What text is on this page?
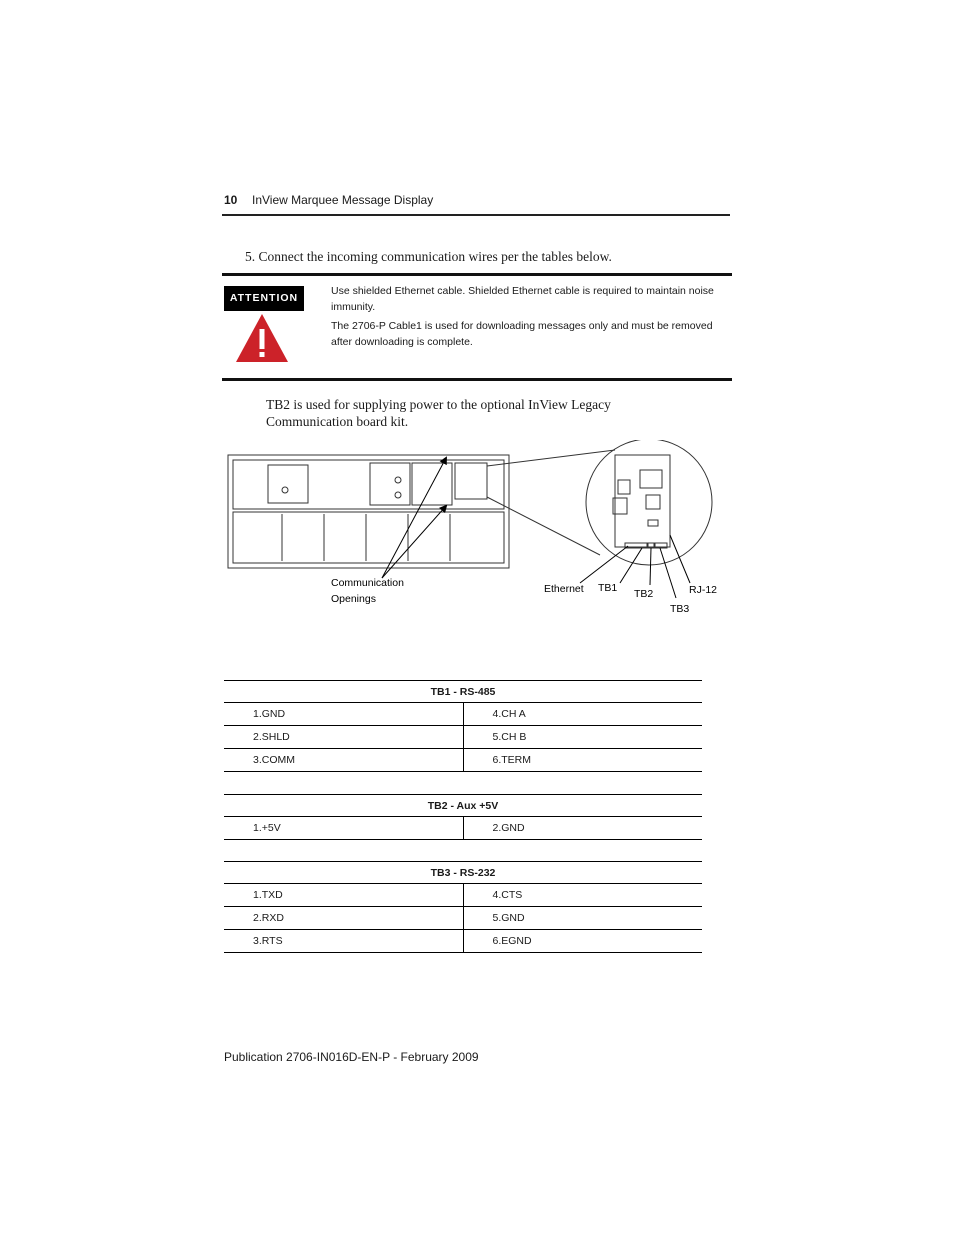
10 InView Marquee Message Display
5. Connect the incoming communication wires per the tables below.
ATTENTION
Use shielded Ethernet cable. Shielded Ethernet cable is required to maintain noise immunity.
The 2706-P Cable1 is used for downloading messages only and must be removed after downloading is complete.
TB2 is used for supplying power to the optional InView Legacy Communication board kit.
Communication
Openings
Ethernet TB1 TB2
TB3
RJ-12
TB1 - RS-485	
1.GND	4.CH A
2.SHLD	5.CH B
3.COMM	6.TERM
TB2 - Aux +5V
1.+5V	2.GND
TB3 - RS-232	
1.TXD	4.CTS
2.RXD	5.GND
3.RTS	6.EGND
Publication 2706-IN016D-EN-P - February 2009
